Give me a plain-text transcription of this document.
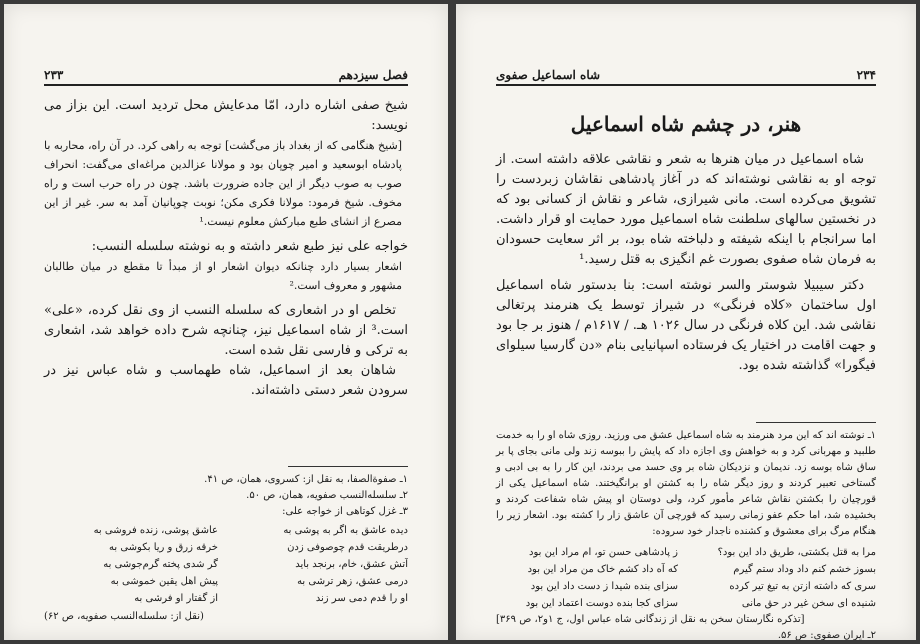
فصل سیزدهم
۲۳۳

شیخ صفی اشاره دارد، امّا مدعایش محل تردید است. این بزاز می نویسد:

[شیخ هنگامی که از بغداد باز می‌گشت] توجه به راهی کرد. در آن راه، محاربه با پادشاه ابوسعید و امیر چوپان بود و مولانا عزالدین مراغه‌ای می‌گفت: انحراف صوب به صوب دیگر از این جاده ضرورت باشد. چون در راه حرب است و راه مخوف. شیخ فرمود: مولانا فکری مکن؛ نوبت چوپانیان آمد به سر. غیر از این مصرع از انشای طبع مبارکش معلوم نیست.¹

خواجه علی نیز طبع شعر داشته و به نوشته سلسله النسب:

اشعار بسیار دارد چنانکه دیوان اشعار او از مبدأ تا مقطع در میان طالبان مشهور و معروف است.²

تخلص او در اشعاری که سلسله النسب از وی نقل کرده، «علی» است.³ از شاه اسماعیل نیز، چنانچه شرح داده خواهد شد، اشعاری به ترکی و فارسی نقل شده است.

شاهان بعد از اسماعیل، شاه طهماسب و شاه عباس نیز در سرودن شعر دستی داشته‌اند.

۱ـ صفوةالصفا، به نقل از: کسروی، همان، ص ۴۱.

۲ـ سلسله‌النسب صفویه، همان، ص ۵۰.

۳ـ غزل کوتاهی از خواجه علی:

دیده عاشق به اگر به پوشی به
عاشق پوشی، زنده فروشی به
درطریقت قدم چوصوفی زدن
خرقه زرق و ریا بکوشی به
آتش عشق، خام، برنجد باید
گر شدی پخته گرم‌جوشی به
درمی عشق، زهر ترشی به
پیش اهل یقین خموشی به
او را قدم دمی سر زند
از گفتار او فرشی به

(نقل از: سلسله‌النسب صفویه، ص ۶۲)

۲۳۴
شاه اسماعیل صفوی
هنر، در چشم شاه اسماعیل

شاه اسماعیل در میان هنرها به شعر و نقاشی علاقه داشته است. از توجه او به نقاشی نوشته‌اند که در آغاز پادشاهی نقاشان زبردست را تشویق می‌کرده است. مانی شیرازی، شاعر و نقاش از کسانی بود که در نخستین سالهای سلطنت شاه اسماعیل مورد حمایت او قرار داشت. اما سرانجام با اینکه شیفته و دلباخته شاه بود، بر اثر سعایت حسودان به فرمان شاه صفوی بصورت غم انگیزی به قتل رسید.¹

دکتر سیبیلا شوستر والسر نوشته است: بنا بدستور شاه اسماعیل اول ساختمان «کلاه فرنگی» در شیراز توسط یک هنرمند پرتغالی نقاشی شد. این کلاه فرنگی در سال ۱۰۲۶ هـ. / ۱۶۱۷م / هنوز بر جا بود و جهت اقامت در اختیار یک فرستاده اسپانیایی بنام «دن گارسیا سیلوای فیگورا» گذاشته شده بود.

۱ـ نوشته اند که این مرد هنرمند به شاه اسماعیل عشق می ورزید. روزی شاه او را به خدمت طلبید و مهربانی کرد و به خواهش وی اجازه داد که پایش را ببوسه زند ولی مانی بجای پا بر ساق شاه بوسه زد. ندیمان و نزدیکان شاه بر وی حسد می بردند، این کار را به بی ادبی و گستاخی تعبیر کردند و روز دیگر شاه را به کشتن او برانگیختند. شاه اسماعیل یکی از قورچیان را بکشتن نقاش شاعر مأمور کرد، ولی دوستان او پیش شاه شفاعت کردند و بخشیده شد، اما حکم عفو زمانی رسید که قورچی آن عاشق زار را کشته بود. اشعار زیر را هنگام مرگ برای معشوق و کشنده ناجدار خود سروده:

مرا به قتل بکشتی، طریق داد این بود؟
ز پادشاهی حسن تو، ام مراد این بود
بسوز خشم کنم داد وداد ستم گیرم
که آه داد کشم خاک من مراد این بود
سری که داشته ازتن به تیغ تیر کرده
سزای بنده شیدا ز دست داد این بود
شنیده ای سخن غیر در حق مانی
سزای کجا بنده دوست اعتماد این بود

[تذکره نگارستان سخن به نقل از زندگانی شاه عباس اول، ج ۱و۲، ص ۳۶۹]

۲ـ ایران صفوی: ص ۵۶.
